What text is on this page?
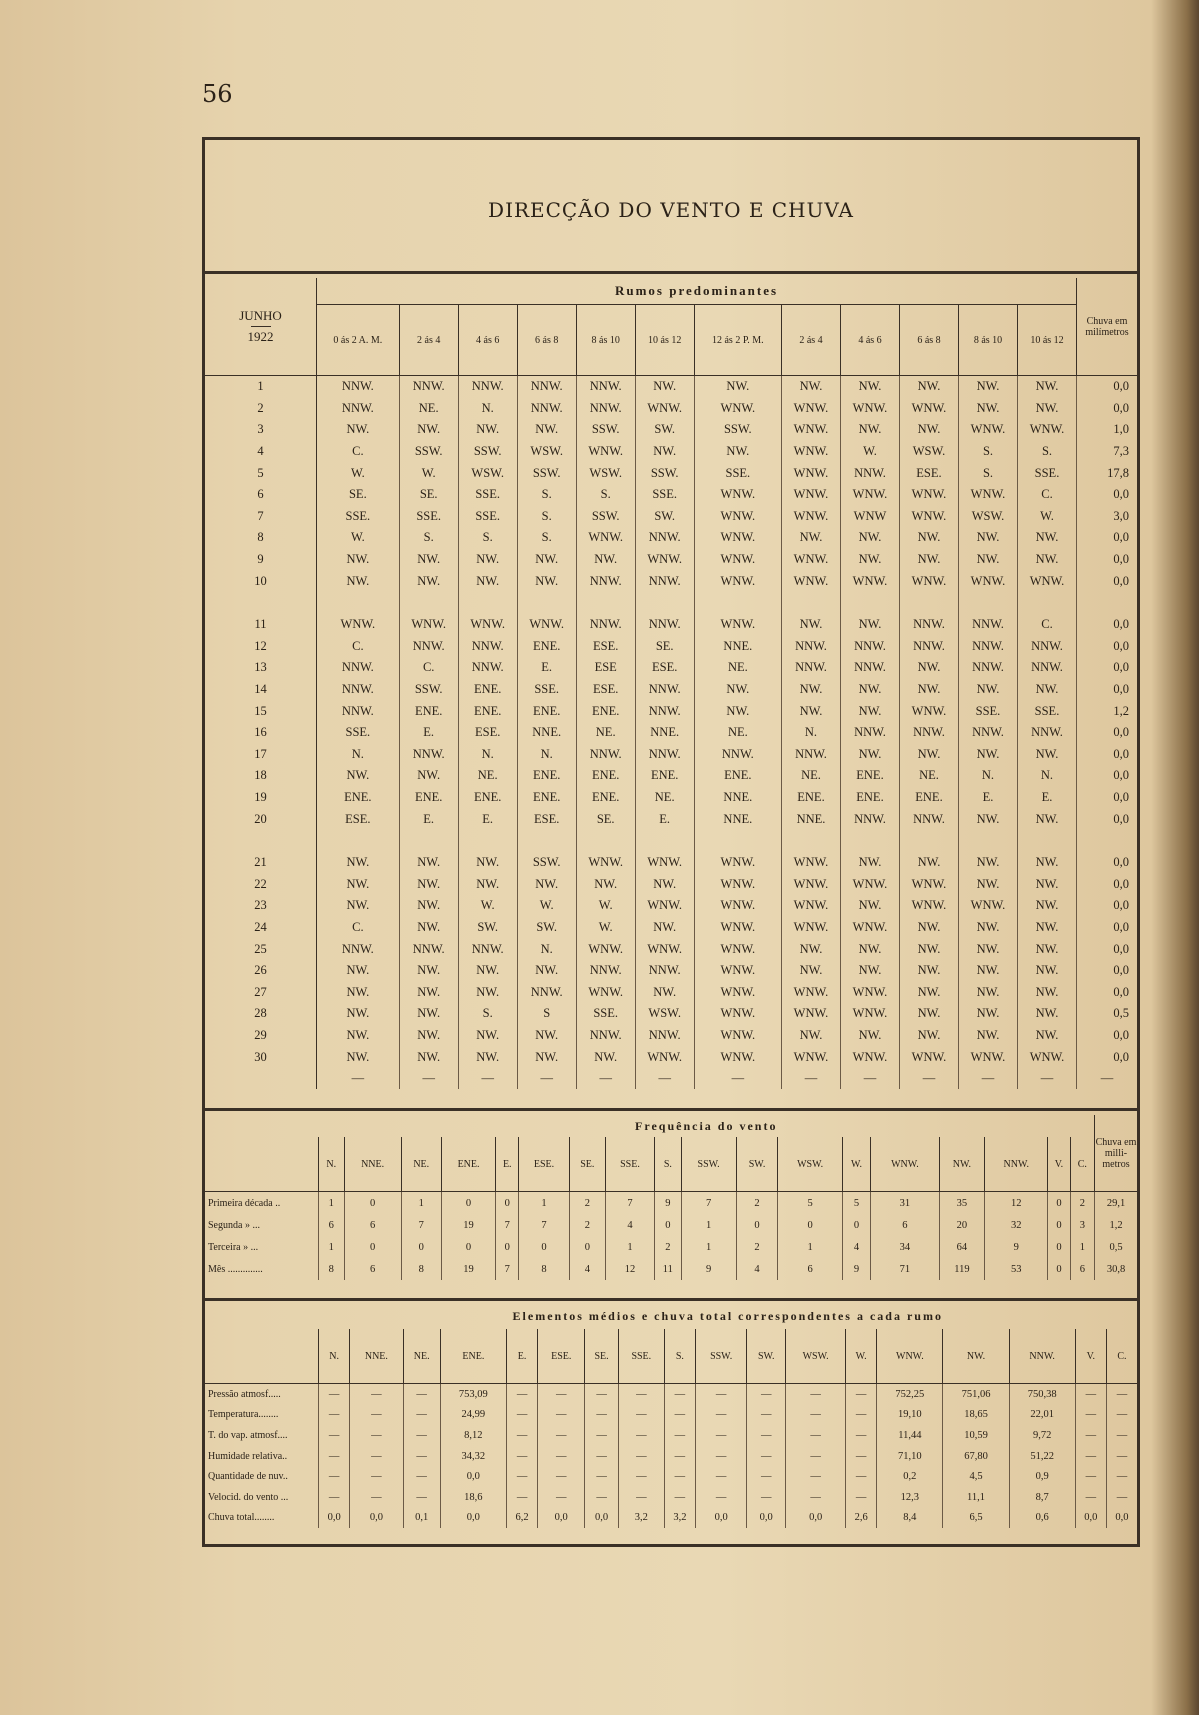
56
DIRECÇÃO DO VENTO E CHUVA
JUNHO
1922	Rumos predominantes												Chuva em milímetros
	0 ás 2 A. M.	2 ás 4	4 ás 6	6 ás 8	8 ás 10	10 ás 12	12 ás 2 P. M.	2 ás 4	4 ás 6	6 ás 8	8 ás 10	10 ás 12	
1	NNW.	NNW.	NNW.	NNW.	NNW.	NW.	NW.	NW.	NW.	NW.	NW.	NW.	0,0
2	NNW.	NE.	N.	NNW.	NNW.	WNW.	WNW.	WNW.	WNW.	WNW.	NW.	NW.	0,0
3	NW.	NW.	NW.	NW.	SSW.	SW.	SSW.	WNW.	NW.	NW.	WNW.	WNW.	1,0
4	C.	SSW.	SSW.	WSW.	WNW.	NW.	NW.	WNW.	W.	WSW.	S.	S.	7,3
5	W.	W.	WSW.	SSW.	WSW.	SSW.	SSE.	WNW.	NNW.	ESE.	S.	SSE.	17,8
6	SE.	SE.	SSE.	S.	S.	SSE.	WNW.	WNW.	WNW.	WNW.	WNW.	C.	0,0
7	SSE.	SSE.	SSE.	S.	SSW.	SW.	WNW.	WNW.	WNW	WNW.	WSW.	W.	3,0
8	W.	S.	S.	S.	WNW.	NNW.	WNW.	NW.	NW.	NW.	NW.	NW.	0,0
9	NW.	NW.	NW.	NW.	NW.	WNW.	WNW.	WNW.	NW.	NW.	NW.	NW.	0,0
10	NW.	NW.	NW.	NW.	NNW.	NNW.	WNW.	WNW.	WNW.	WNW.	WNW.	WNW.	0,0

11	WNW.	WNW.	WNW.	WNW.	NNW.	NNW.	WNW.	NW.	NW.	NNW.	NNW.	C.	0,0
12	C.	NNW.	NNW.	ENE.	ESE.	SE.	NNE.	NNW.	NNW.	NNW.	NNW.	NNW.	0,0
13	NNW.	C.	NNW.	E.	ESE	ESE.	NE.	NNW.	NNW.	NW.	NNW.	NNW.	0,0
14	NNW.	SSW.	ENE.	SSE.	ESE.	NNW.	NW.	NW.	NW.	NW.	NW.	NW.	0,0
15	NNW.	ENE.	ENE.	ENE.	ENE.	NNW.	NW.	NW.	NW.	WNW.	SSE.	SSE.	1,2
16	SSE.	E.	ESE.	NNE.	NE.	NNE.	NE.	N.	NNW.	NNW.	NNW.	NNW.	0,0
17	N.	NNW.	N.	N.	NNW.	NNW.	NNW.	NNW.	NW.	NW.	NW.	NW.	0,0
18	NW.	NW.	NE.	ENE.	ENE.	ENE.	ENE.	NE.	ENE.	NE.	N.	N.	0,0
19	ENE.	ENE.	ENE.	ENE.	ENE.	NE.	NNE.	ENE.	ENE.	ENE.	E.	E.	0,0
20	ESE.	E.	E.	ESE.	SE.	E.	NNE.	NNE.	NNW.	NNW.	NW.	NW.	0,0

21	NW.	NW.	NW.	SSW.	WNW.	WNW.	WNW.	WNW.	NW.	NW.	NW.	NW.	0,0
22	NW.	NW.	NW.	NW.	NW.	NW.	WNW.	WNW.	WNW.	WNW.	NW.	NW.	0,0
23	NW.	NW.	W.	W.	W.	WNW.	WNW.	WNW.	NW.	WNW.	WNW.	NW.	0,0
24	C.	NW.	SW.	SW.	W.	NW.	WNW.	WNW.	WNW.	NW.	NW.	NW.	0,0
25	NNW.	NNW.	NNW.	N.	WNW.	WNW.	WNW.	NW.	NW.	NW.	NW.	NW.	0,0
26	NW.	NW.	NW.	NW.	NNW.	NNW.	WNW.	NW.	NW.	NW.	NW.	NW.	0,0
27	NW.	NW.	NW.	NNW.	WNW.	NW.	WNW.	WNW.	WNW.	NW.	NW.	NW.	0,0
28	NW.	NW.	S.	S	SSE.	WSW.	WNW.	WNW.	WNW.	NW.	NW.	NW.	0,5
29	NW.	NW.	NW.	NW.	NNW.	NNW.	WNW.	NW.	NW.	NW.	NW.	NW.	0,0
30	NW.	NW.	NW.	NW.	NW.	WNW.	WNW.	WNW.	WNW.	WNW.	WNW.	WNW.	0,0
	—	—	—	—	—	—	—	—	—	—	—	—	—
	Frequência do vento																		Chuva em milli-metros
	N.	NNE.	NE.	ENE.	E.	ESE.	SE.	SSE.	S.	SSW.	SW.	WSW.	W.	WNW.	NW.	NNW.	V.	C.	
Primeira década ..	1	0	1	0	0	1	2	7	9	7	2	5	5	31	35	12	0	2	29,1
Segunda » ...	6	6	7	19	7	7	2	4	0	1	0	0	0	6	20	32	0	3	1,2
Terceira » ...	1	0	0	0	0	0	0	1	2	1	2	1	4	34	64	9	0	1	0,5
Mês ..............	8	6	8	19	7	8	4	12	11	9	4	6	9	71	119	53	0	6	30,8
	Elementos médios e chuva total correspondentes a cada rumo																	
	N.	NNE.	NE.	ENE.	E.	ESE.	SE.	SSE.	S.	SSW.	SW.	WSW.	W.	WNW.	NW.	NNW.	V.	C.
Pressão atmosf.....	—	—	—	753,09	—	—	—	—	—	—	—	—	—	752,25	751,06	750,38	—	—
Temperatura........	—	—	—	24,99	—	—	—	—	—	—	—	—	—	19,10	18,65	22,01	—	—
T. do vap. atmosf....	—	—	—	8,12	—	—	—	—	—	—	—	—	—	11,44	10,59	9,72	—	—
Humidade relativa..	—	—	—	34,32	—	—	—	—	—	—	—	—	—	71,10	67,80	51,22	—	—
Quantidade de nuv..	—	—	—	0,0	—	—	—	—	—	—	—	—	—	0,2	4,5	0,9	—	—
Velocid. do vento ...	—	—	—	18,6	—	—	—	—	—	—	—	—	—	12,3	11,1	8,7	—	—
Chuva total........	0,0	0,0	0,1	0,0	6,2	0,0	0,0	3,2	3,2	0,0	0,0	0,0	2,6	8,4	6,5	0,6	0,0	0,0
